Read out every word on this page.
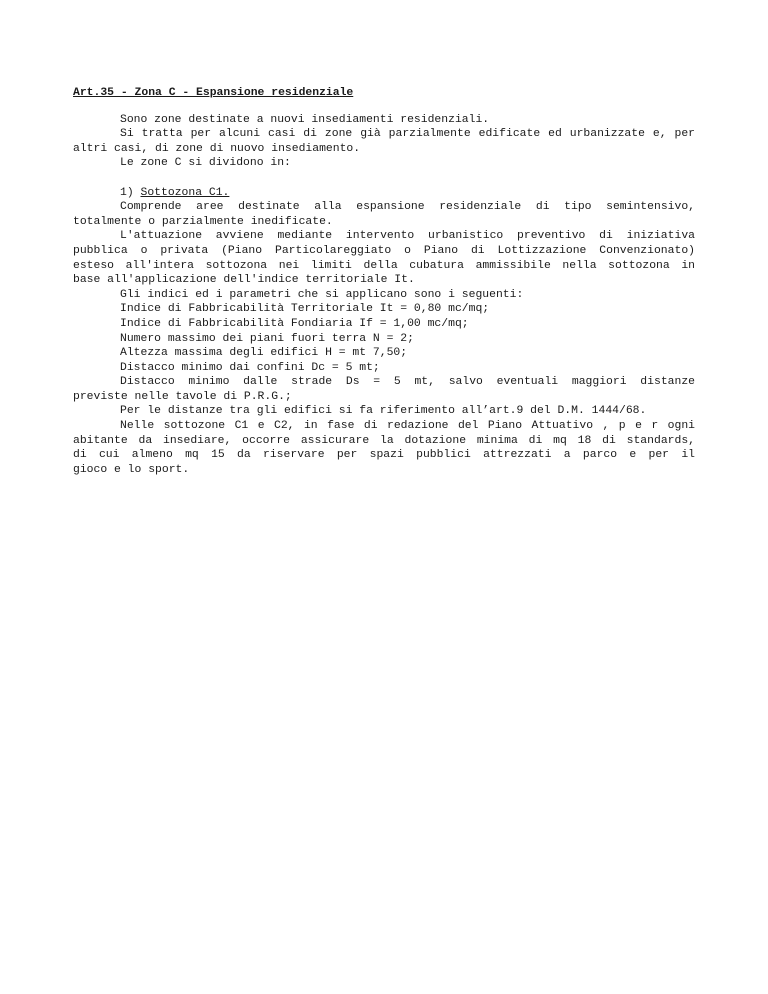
Art.35 - Zona C - Espansione residenziale
Sono zone destinate a nuovi insediamenti residenziali.
Si tratta per alcuni casi di zone già parzialmente edificate ed urbanizzate e, per
altri casi, di zone di nuovo insediamento.
Le zone C si dividono in:
1) Sottozona C1.
Comprende aree destinate alla espansione residenziale di tipo semintensivo,
totalmente o parzialmente inedificate.
L'attuazione avviene mediante intervento urbanistico preventivo di iniziativa
pubblica o privata (Piano Particolareggiato o Piano di Lottizzazione Convenzionato)
esteso all'intera sottozona nei limiti della cubatura ammissibile nella sottozona in
base all'applicazione dell'indice territoriale It.
Gli indici ed i parametri che si applicano sono i seguenti:
Indice di Fabbricabilità Territoriale It = 0,80 mc/mq;
Indice di Fabbricabilità Fondiaria If = 1,00 mc/mq;
Numero massimo dei piani fuori terra N = 2;
Altezza massima degli edifici H = mt 7,50;
Distacco minimo dai confini Dc = 5 mt;
Distacco minimo dalle strade Ds = 5 mt, salvo eventuali maggiori distanze
previste nelle tavole di P.R.G.;
Per le distanze tra gli edifici si fa riferimento all’art.9 del D.M. 1444/68.
Nelle sottozone C1 e C2, in fase di redazione del Piano Attuativo , p e r ogni
abitante da insediare, occorre assicurare la dotazione minima di mq 18 di standards,
di cui almeno mq 15 da riservare per spazi pubblici attrezzati a parco e per il
gioco e lo sport.
